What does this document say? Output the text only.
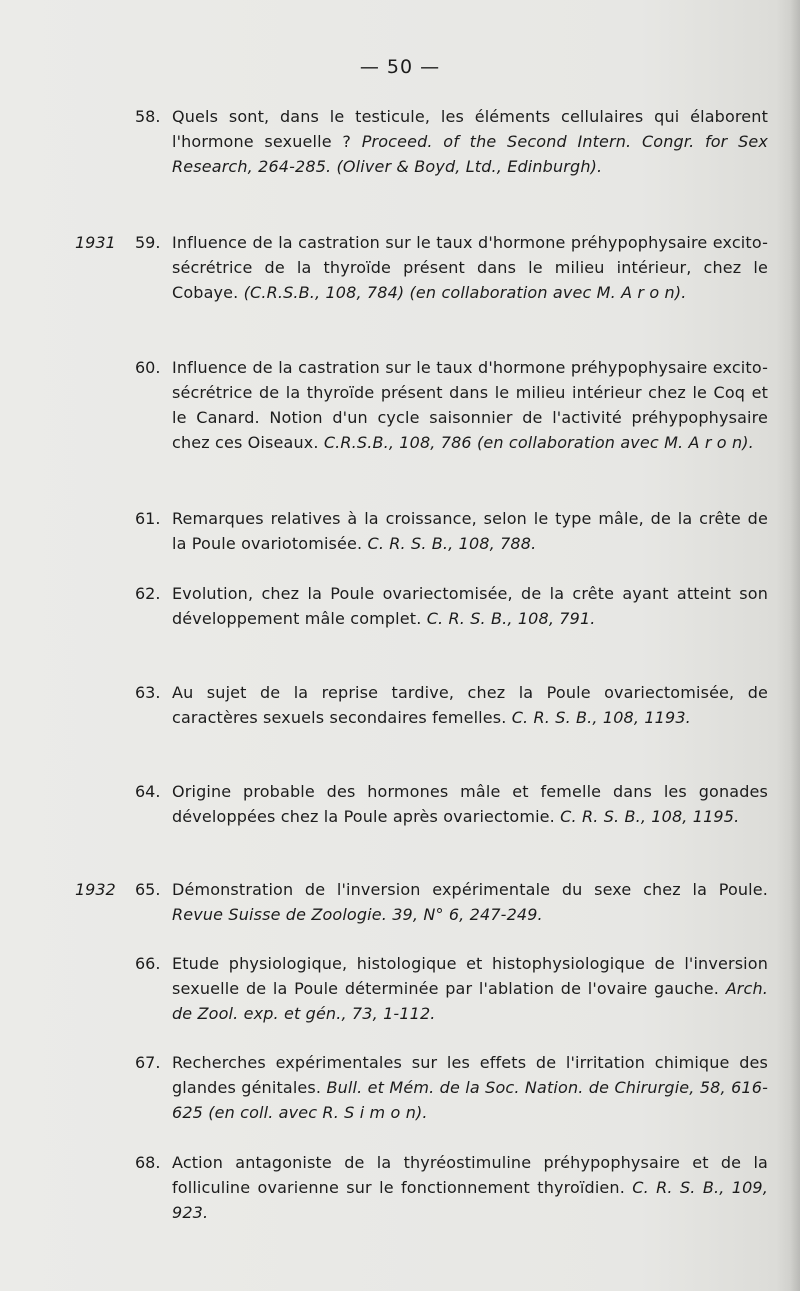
— 50 —
58. Quels sont, dans le testicule, les éléments cellulaires qui élaborent l'hormone sexuelle ? Proceed. of the Second Intern. Congr. for Sex Research, 264-285. (Oliver & Boyd, Ltd., Edinburgh).
1931 59. Influence de la castration sur le taux d'hormone préhypophysaire excito-sécrétrice de la thyroïde présent dans le milieu intérieur, chez le Cobaye. (C.R.S.B., 108, 784) (en collaboration avec M. A r o n).
60. Influence de la castration sur le taux d'hormone préhypophysaire excito-sécrétrice de la thyroïde présent dans le milieu intérieur chez le Coq et le Canard. Notion d'un cycle saisonnier de l'activité préhypophysaire chez ces Oiseaux. C.R.S.B., 108, 786 (en collaboration avec M. A r o n).
61. Remarques relatives à la croissance, selon le type mâle, de la crête de la Poule ovariotomisée. C. R. S. B., 108, 788.
62. Evolution, chez la Poule ovariectomisée, de la crête ayant atteint son développement mâle complet. C. R. S. B., 108, 791.
63. Au sujet de la reprise tardive, chez la Poule ovariectomisée, de caractères sexuels secondaires femelles. C. R. S. B., 108, 1193.
64. Origine probable des hormones mâle et femelle dans les gonades développées chez la Poule après ovariectomie. C. R. S. B., 108, 1195.
1932 65. Démonstration de l'inversion expérimentale du sexe chez la Poule. Revue Suisse de Zoologie. 39, N° 6, 247-249.
66. Etude physiologique, histologique et histophysiologique de l'inversion sexuelle de la Poule déterminée par l'ablation de l'ovaire gauche. Arch. de Zool. exp. et gén., 73, 1-112.
67. Recherches expérimentales sur les effets de l'irritation chimique des glandes génitales. Bull. et Mém. de la Soc. Nation. de Chirurgie, 58, 616-625 (en coll. avec R. S i m o n).
68. Action antagoniste de la thyréostimuline préhypophysaire et de la folliculine ovarienne sur le fonctionnement thyroïdien. C. R. S. B., 109, 923.
